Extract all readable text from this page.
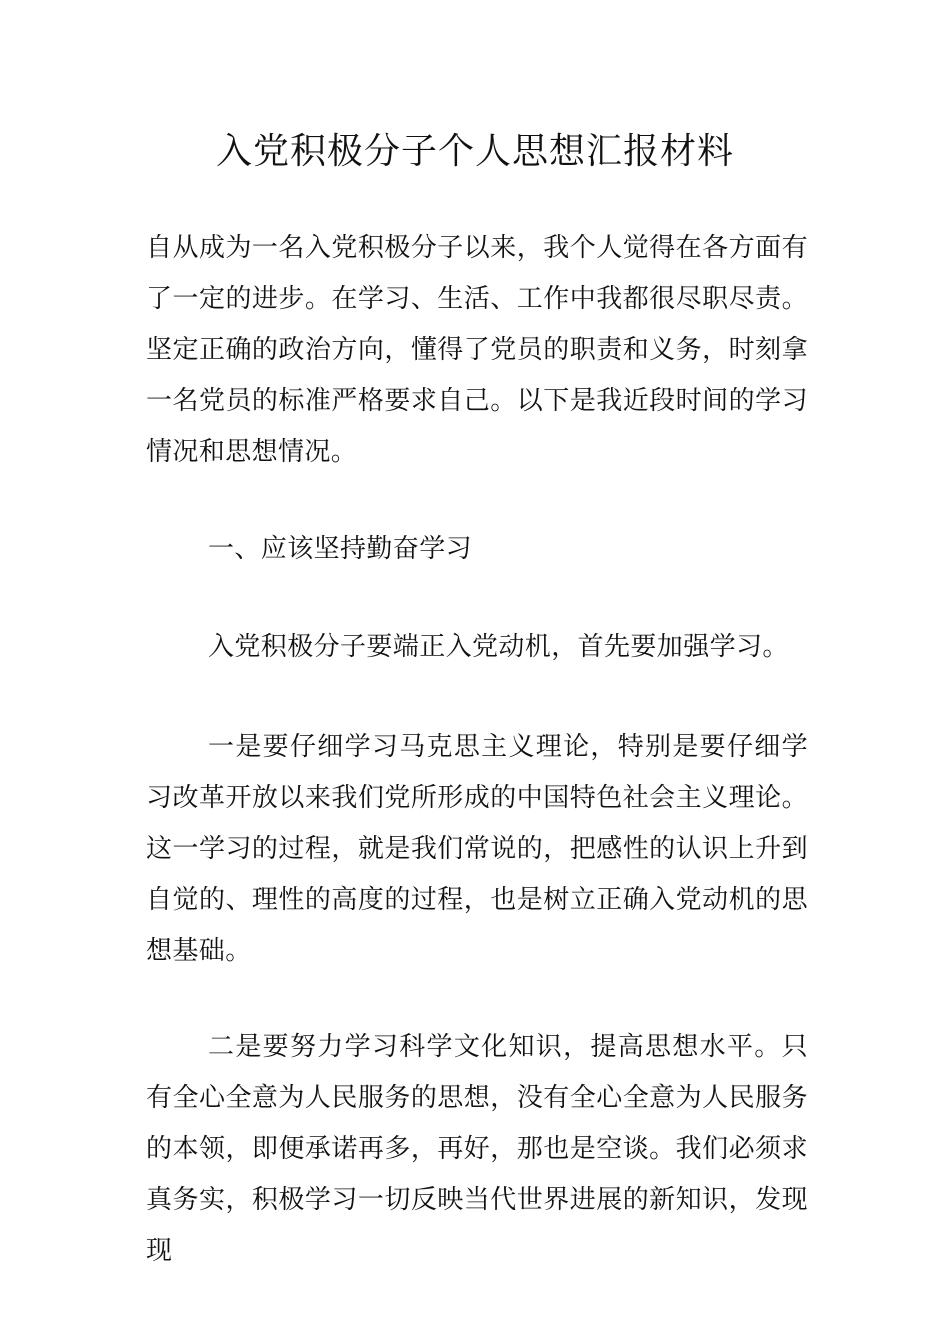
入党积极分子个人思想汇报材料

自从成为一名入党积极分子以来，我个人觉得在各方面有了一定的进步。在学习、生活、工作中我都很尽职尽责。坚定正确的政治方向，懂得了党员的职责和义务，时刻拿一名党员的标准严格要求自己。以下是我近段时间的学习情况和思想情况。

一、应该坚持勤奋学习

入党积极分子要端正入党动机，首先要加强学习。

一是要仔细学习马克思主义理论，特别是要仔细学习改革开放以来我们党所形成的中国特色社会主义理论。这一学习的过程，就是我们常说的，把感性的认识上升到自觉的、理性的高度的过程，也是树立正确入党动机的思想基础。

二是要努力学习科学文化知识，提高思想水平。只有全心全意为人民服务的思想，没有全心全意为人民服务的本领，即便承诺再多，再好，那也是空谈。我们必须求真务实，积极学习一切反映当代世界进展的新知识，发现现
